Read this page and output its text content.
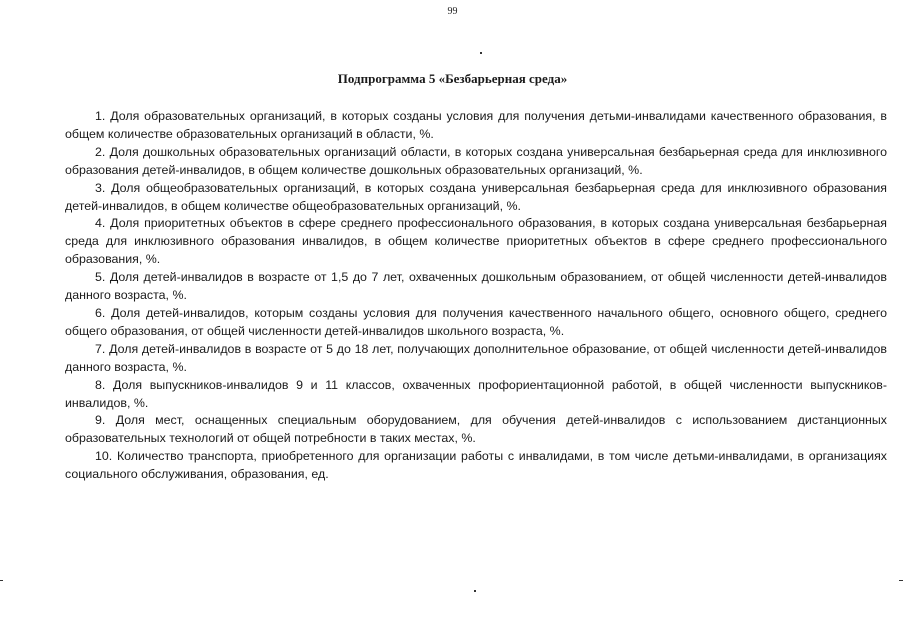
99
Подпрограмма 5 «Безбарьерная среда»
1. Доля образовательных организаций, в которых созданы условия для получения детьми-инвалидами качественного образования, в общем количестве образовательных организаций в области, %.
2. Доля дошкольных образовательных организаций области, в которых создана универсальная безбарьерная среда для инклюзивного образования детей-инвалидов, в общем количестве дошкольных образовательных организаций, %.
3. Доля общеобразовательных организаций, в которых создана универсальная безбарьерная среда для инклюзивного образования детей-инвалидов, в общем количестве общеобразовательных организаций, %.
4. Доля приоритетных объектов в сфере среднего профессионального образования, в которых создана универсальная безбарьерная среда для инклюзивного образования инвалидов, в общем количестве приоритетных объектов в сфере среднего профессионального образования, %.
5. Доля детей-инвалидов в возрасте от 1,5 до 7 лет, охваченных дошкольным образованием, от общей численности детей-инвалидов данного возраста, %.
6. Доля детей-инвалидов, которым созданы условия для получения качественного начального общего, основного общего, среднего общего образования, от общей численности детей-инвалидов школьного возраста, %.
7. Доля детей-инвалидов в возрасте от 5 до 18 лет, получающих дополнительное образование, от общей численности детей-инвалидов данного возраста, %.
8. Доля выпускников-инвалидов 9 и 11 классов, охваченных профориентационной работой, в общей численности выпускников-инвалидов, %.
9. Доля мест, оснащенных специальным оборудованием, для обучения детей-инвалидов с использованием дистанционных образовательных технологий от общей потребности в таких местах, %.
10. Количество транспорта, приобретенного для организации работы с инвалидами, в том числе детьми-инвалидами, в организациях социального обслуживания, образования, ед.
